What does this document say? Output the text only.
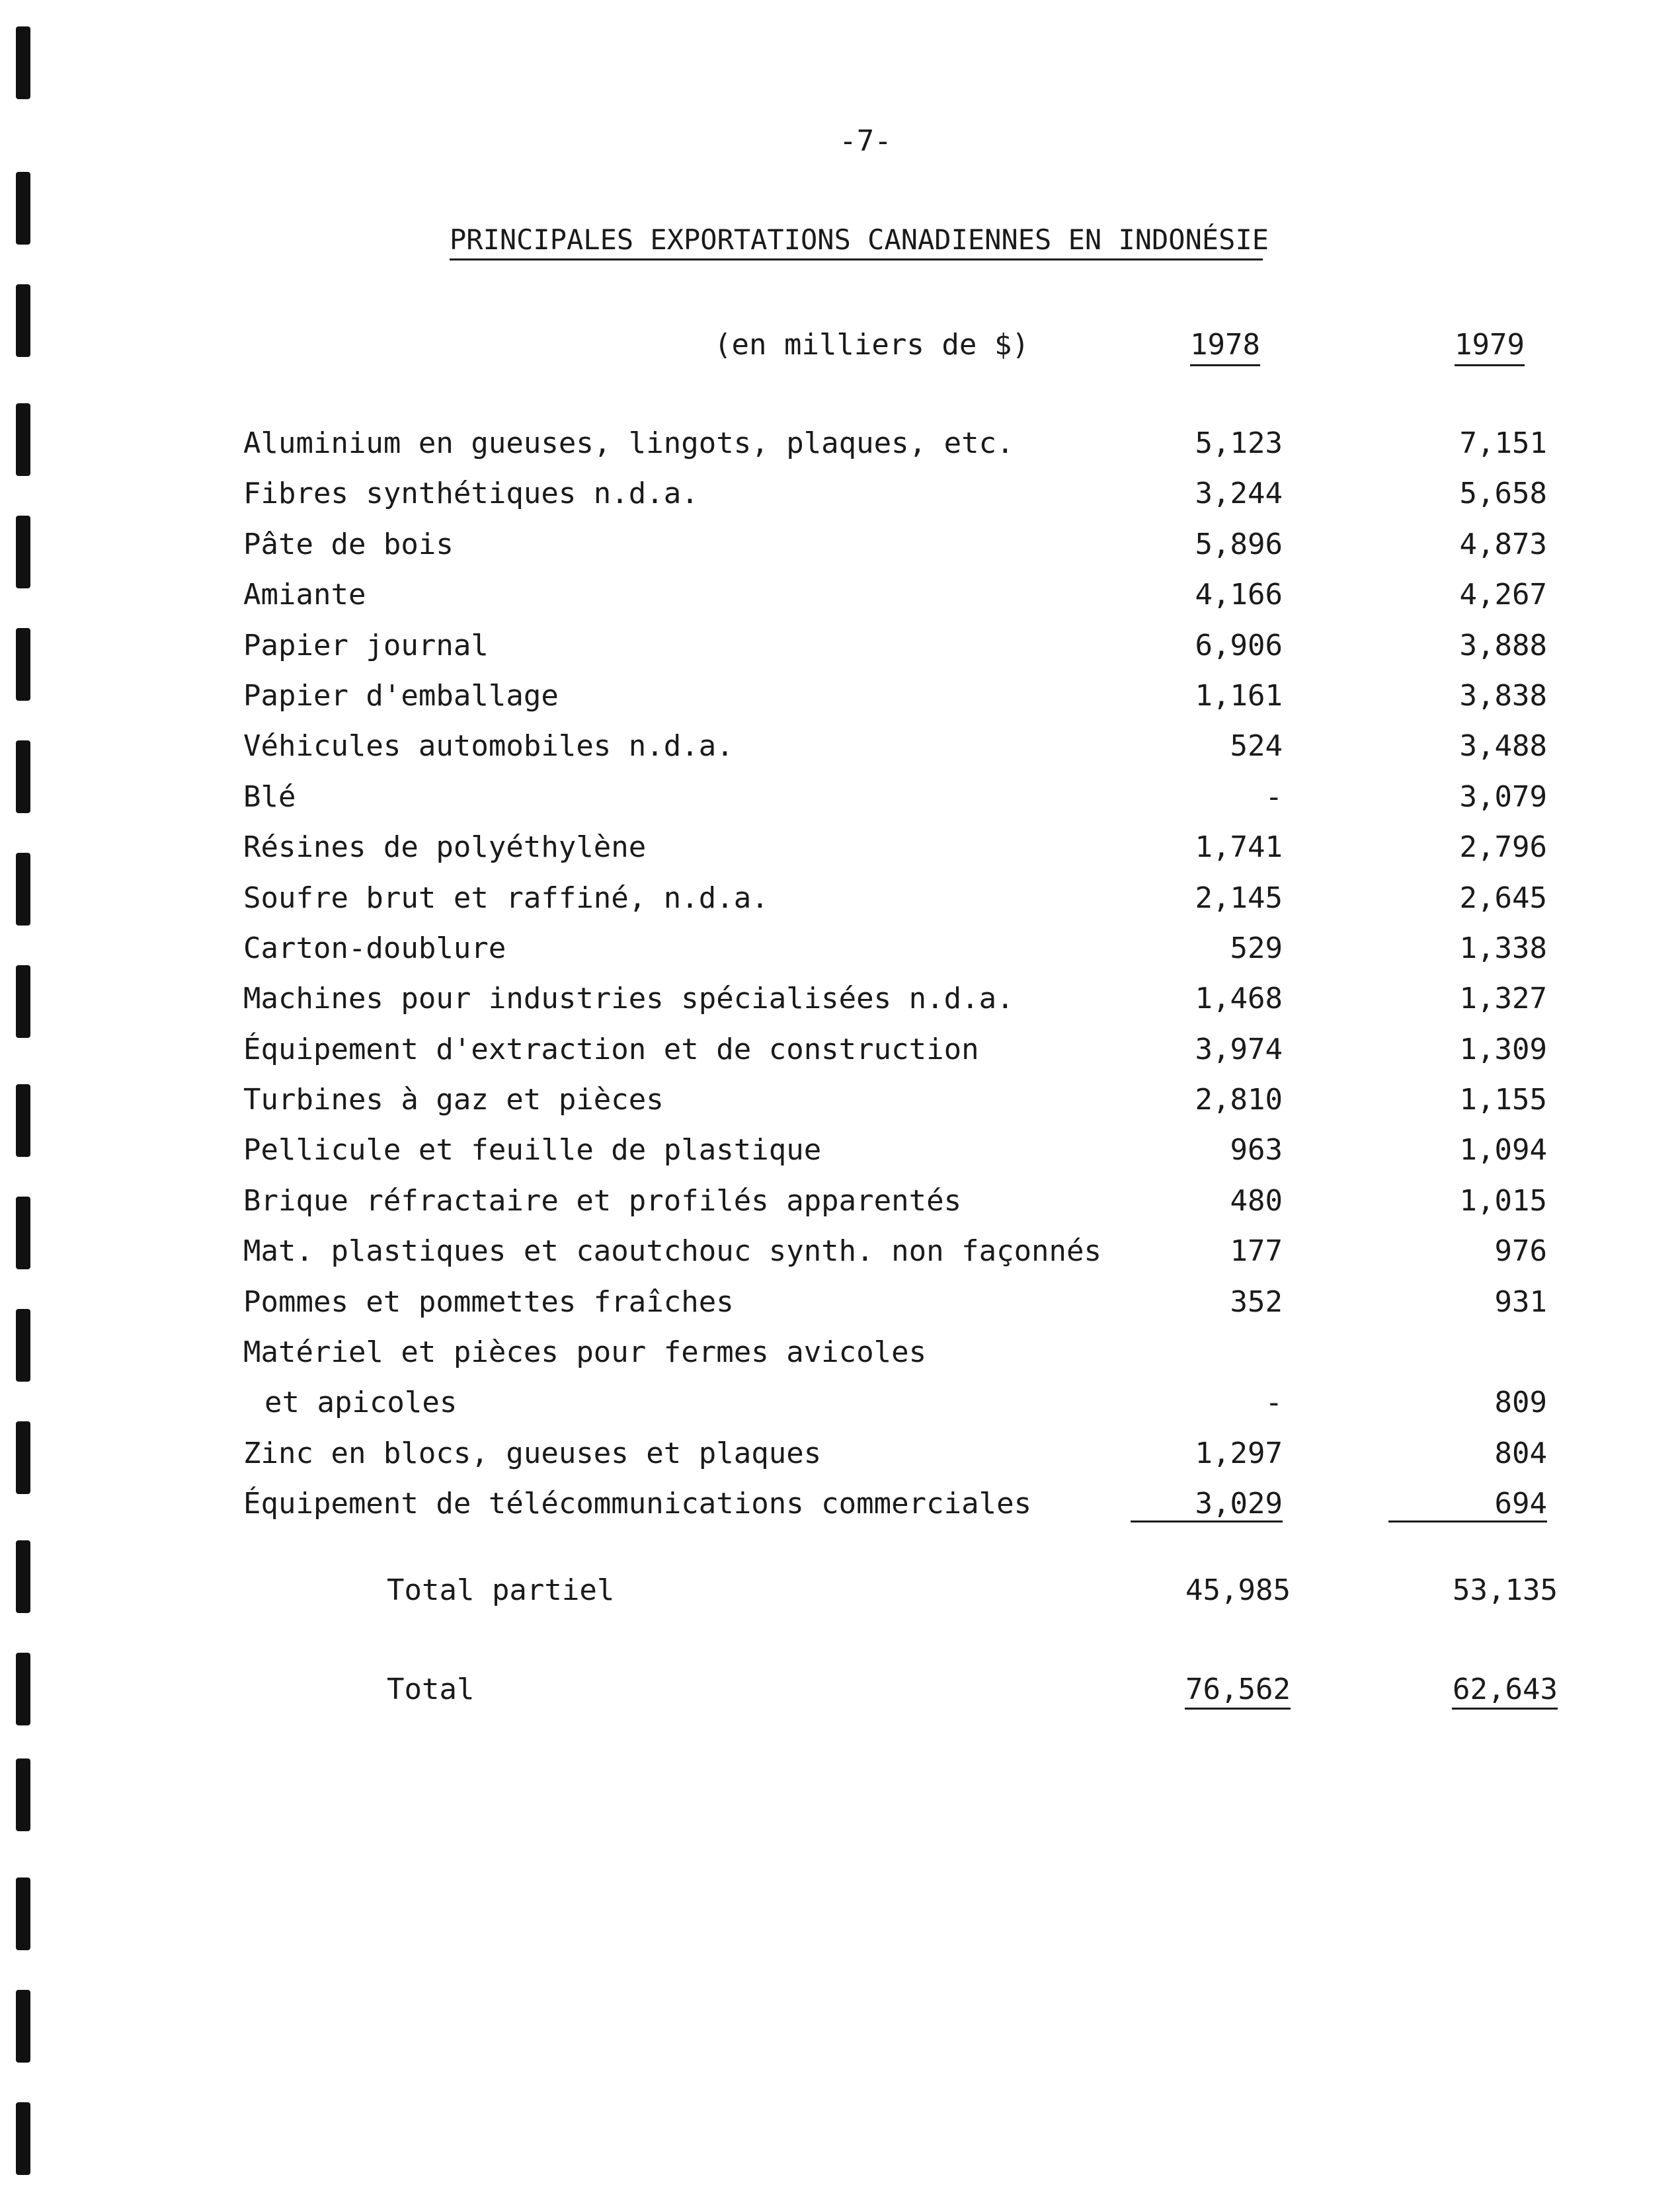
-7-
PRINCIPALES EXPORTATIONS CANADIENNES EN INDONÉSIE
(en milliers de $)	1978	1979
Aluminium en gueuses, lingots, plaques, etc.	5,123	7,151
Fibres synthétiques n.d.a.	3,244	5,658
Pâte de bois	5,896	4,873
Amiante	4,166	4,267
Papier journal	6,906	3,888
Papier d'emballage	1,161	3,838
Véhicules automobiles n.d.a.	524	3,488
Blé	-	3,079
Résines de polyéthylène	1,741	2,796
Soufre brut et raffiné, n.d.a.	2,145	2,645
Carton-doublure	529	1,338
Machines pour industries spécialisées n.d.a.	1,468	1,327
Équipement d'extraction et de construction	3,974	1,309
Turbines à gaz et pièces	2,810	1,155
Pellicule et feuille de plastique	963	1,094
Brique réfractaire et profilés apparentés	480	1,015
Mat. plastiques et caoutchouc synth. non façonnés	177	976
Pommes et pommettes fraîches	352	931
Matériel et pièces pour fermes avicoles
et apicoles	-	809
Zinc en blocs, gueuses et plaques	1,297	804
Équipement de télécommunications commerciales	3,029	694
Total partiel	45,985	53,135
Total	76,562	62,643
